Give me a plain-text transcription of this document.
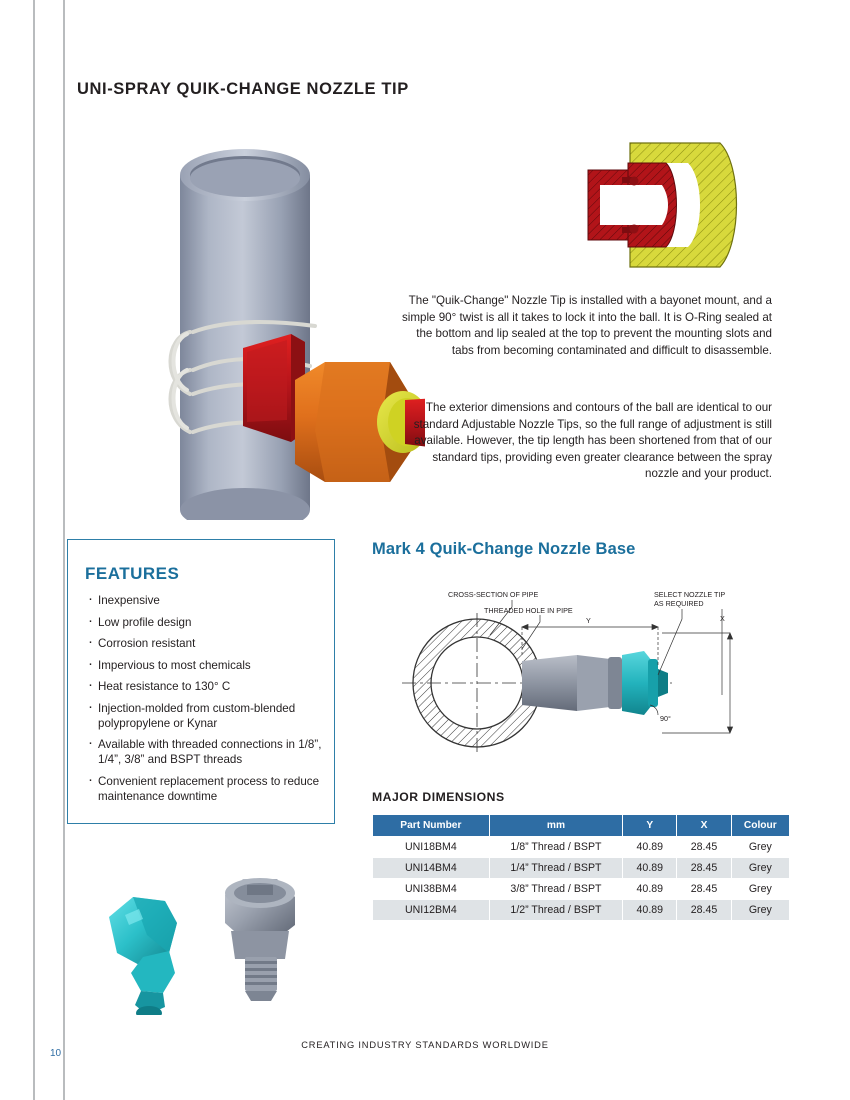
UNI-SPRAY QUIK-CHANGE NOZZLE TIP
The "Quik-Change" Nozzle Tip is installed with a bayonet mount, and a simple 90° twist is all it takes to lock it into the ball. It is O-Ring sealed at the bottom and lip sealed at the top to prevent the mounting slots and tabs from becoming contaminated and difficult to disassemble.
The exterior dimensions and contours of the ball are identical to our standard Adjustable Nozzle Tips, so the full range of adjustment is still available. However, the tip length has been shortened from that of our standard tips, providing even greater clearance between the spray nozzle and your product.
FEATURES
· Inexpensive
· Low profile design
· Corrosion resistant
· Impervious to most chemicals
· Heat resistance to 130° C
· Injection-molded from custom-blended polypropylene or Kynar
· Available with threaded connections in 1/8”, 1/4”, 3/8” and BSPT threads
· Convenient replacement process to reduce maintenance downtime
Mark 4 Quik-Change Nozzle Base
CROSS-SECTION OF PIPE
THREADED HOLE IN PIPE
SELECT NOZZLE TIP
AS REQUIRED
Y	X
90°
MAJOR DIMENSIONS
Part Number	mm	Y	X	Colour
UNI18BM4	1/8” Thread / BSPT	40.89	28.45	Grey
UNI14BM4	1/4” Thread / BSPT	40.89	28.45	Grey
UNI38BM4	3/8” Thread / BSPT	40.89	28.45	Grey
UNI12BM4	1/2” Thread / BSPT	40.89	28.45	Grey
CREATING INDUSTRY STANDARDS WORLDWIDE
10
